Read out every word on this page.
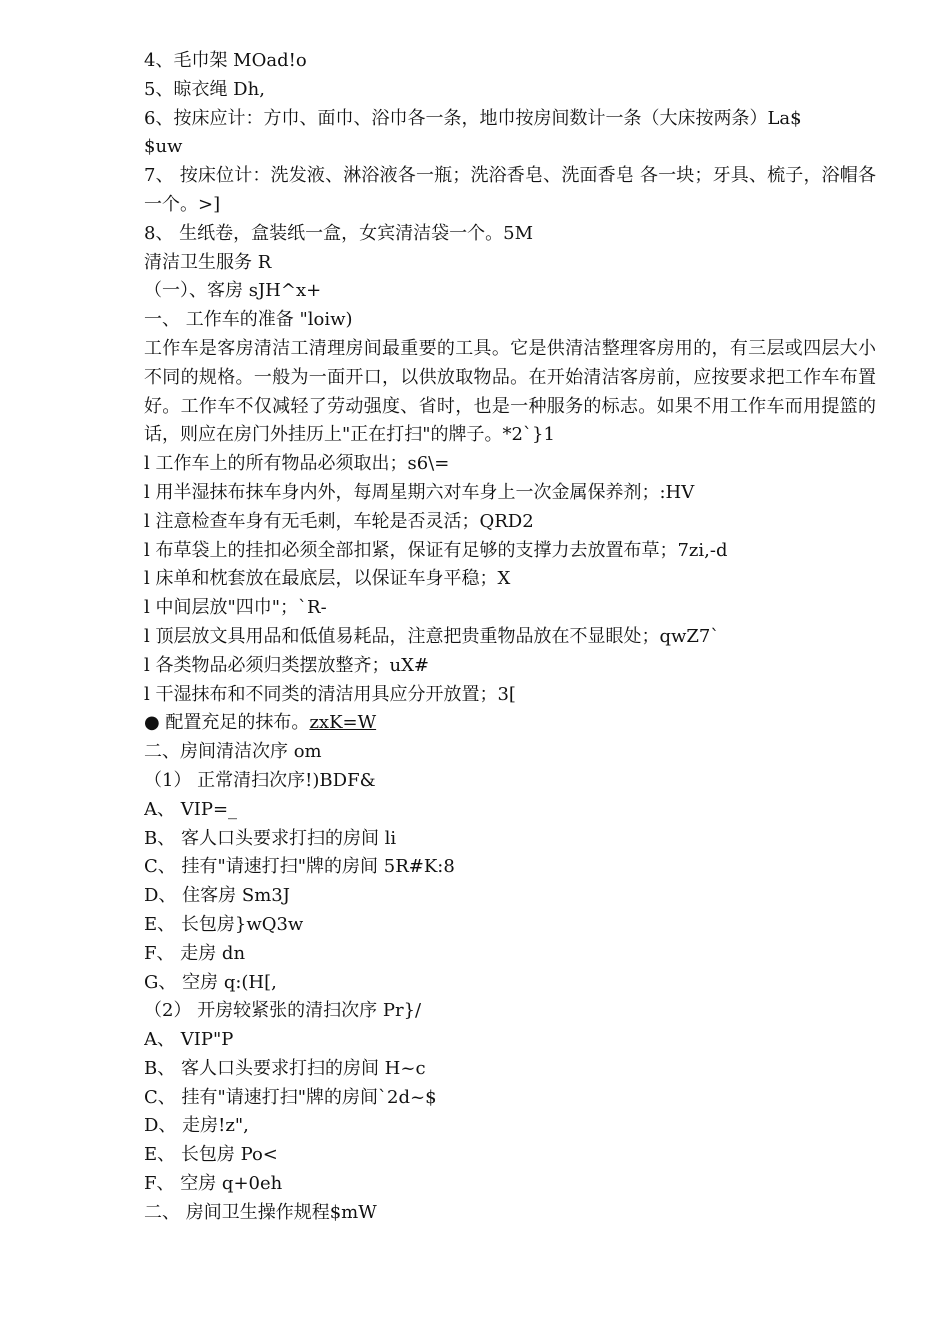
4、毛巾架 MOad!o
5、晾衣绳 Dh,
6、按床应计：方巾、面巾、浴巾各一条，地巾按房间数计一条（大床按两条）La$
$uw
7、 按床位计：洗发液、淋浴液各一瓶；洗浴香皂、洗面香皂 各一块；牙具、梳子，浴帽各一个。>]
8、 生纸卷，盒装纸一盒，女宾清洁袋一个。5M
清洁卫生服务 R
（一）、客房 sJH^x+
一、 工作车的准备 "loiw)
工作车是客房清洁工清理房间最重要的工具。它是供清洁整理客房用的，有三层或四层大小不同的规格。一般为一面开口，以供放取物品。在开始清洁客房前，应按要求把工作车布置好。工作车不仅减轻了劳动强度、省时，也是一种服务的标志。如果不用工作车而用提篮的话，则应在房门外挂历上"正在打扫"的牌子。*2`}1
l 工作车上的所有物品必须取出；s6\=
l 用半湿抹布抹车身内外，每周星期六对车身上一次金属保养剂；:HV
l 注意检查车身有无毛刺，车轮是否灵活；QRD2
l 布草袋上的挂扣必须全部扣紧，保证有足够的支撑力去放置布草；7zi,-d
l 床单和枕套放在最底层，以保证车身平稳；X
l 中间层放"四巾"；`R-
l 顶层放文具用品和低值易耗品，注意把贵重物品放在不显眼处；qwZ7`
l 各类物品必须归类摆放整齐；uX#
l 干湿抹布和不同类的清洁用具应分开放置；3[
● 配置充足的抹布。zxK=W
二、房间清洁次序 om
（1） 正常清扫次序!)BDF&
A、 VIP=_
B、 客人口头要求打扫的房间 li
C、 挂有"请速打扫"牌的房间 5R#K:8
D、 住客房 Sm3J
E、 长包房}wQ3w
F、 走房 dn
G、 空房 q:(H[,
（2） 开房较紧张的清扫次序 Pr}/
A、 VIP"P
B、 客人口头要求打扫的房间 H~c
C、 挂有"请速打扫"牌的房间`2d~$
D、 走房!z",
E、 长包房 Po<
F、 空房 q+0eh
二、 房间卫生操作规程$mW
